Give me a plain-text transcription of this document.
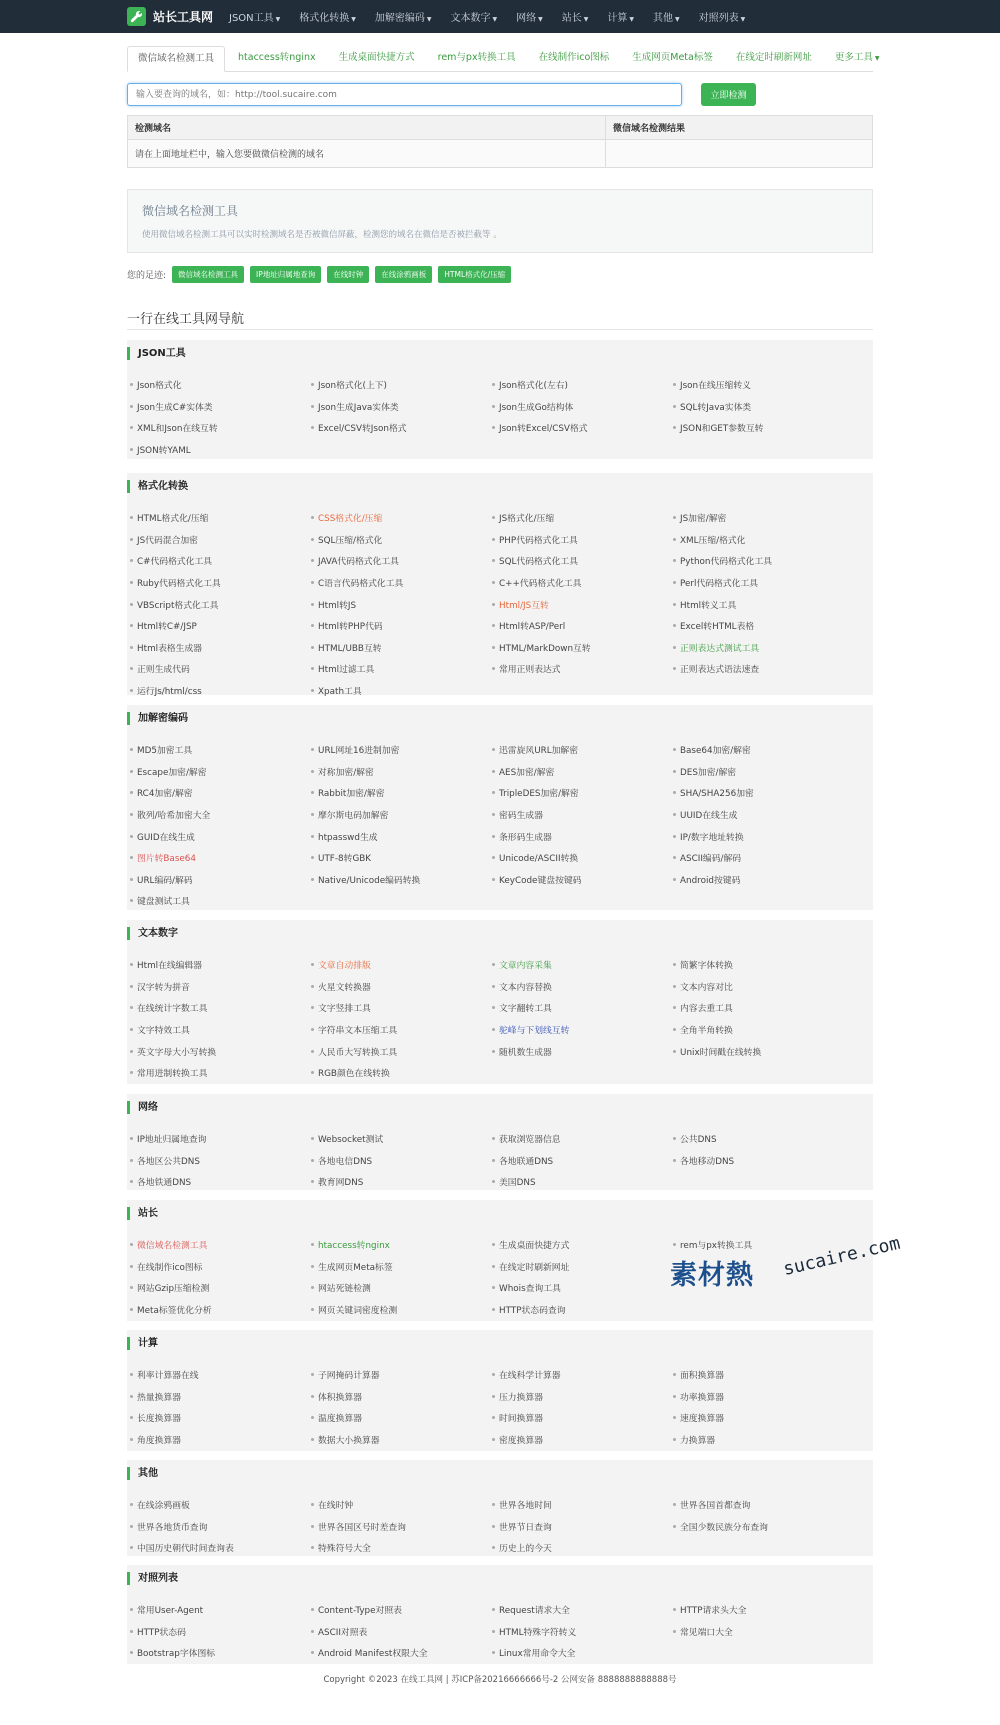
站长工具网 JSON工具 ▼ 格式化转换 ▼ 加解密编码 ▼ 文本数字 ▼ 网络 ▼ 站长 ▼ 计算 ▼ 其他 ▼ 对照列表 ▼
微信域名检测工具	htaccess转nginx	生成桌面快捷方式	rem与px转换工具	在线制作ico图标	生成网页Meta标签	在线定时刷新网址	更多工具 ▼
输入要查询的域名，如：http://tool.sucaire.com
立即检测
检测域名	微信域名检测结果
请在上面地址栏中，输入您要做微信检测的域名	
微信域名检测工具
使用微信域名检测工具可以实时检测域名是否被微信屏蔽，检测您的域名在微信是否被拦截等 。
您的足迹:	微信域名检测工具	IP地址归属地查询	在线时钟	在线涂鸦画板	HTML格式化/压缩
一行在线工具网导航
JSON工具
Json格式化	Json格式化(上下)	Json格式化(左右)	Json在线压缩转义
Json生成C#实体类	Json生成Java实体类	Json生成Go结构体	SQL转Java实体类
XML和Json在线互转	Excel/CSV转Json格式	Json转Excel/CSV格式	JSON和GET参数互转
JSON转YAML
格式化转换
HTML格式化/压缩	CSS格式化/压缩	JS格式化/压缩	JS加密/解密
JS代码混合加密	SQL压缩/格式化	PHP代码格式化工具	XML压缩/格式化
C#代码格式化工具	JAVA代码格式化工具	SQL代码格式化工具	Python代码格式化工具
Ruby代码格式化工具	C语言代码格式化工具	C++代码格式化工具	Perl代码格式化工具
VBScript格式化工具	Html转JS	Html/JS互转	Html转义工具
Html转C#/JSP	Html转PHP代码	Html转ASP/Perl	Excel转HTML表格
Html表格生成器	HTML/UBB互转	HTML/MarkDown互转	正则表达式测试工具
正则生成代码	Html过滤工具	常用正则表达式	正则表达式语法速查
运行Js/html/css	Xpath工具
加解密编码
MD5加密工具	URL网址16进制加密	迅雷旋风URL加解密	Base64加密/解密
Escape加密/解密	对称加密/解密	AES加密/解密	DES加密/解密
RC4加密/解密	Rabbit加密/解密	TripleDES加密/解密	SHA/SHA256加密
散列/哈希加密大全	摩尔斯电码加解密	密码生成器	UUID在线生成
GUID在线生成	htpasswd生成	条形码生成器	IP/数字地址转换
图片转Base64	UTF-8转GBK	Unicode/ASCII转换	ASCII编码/解码
URL编码/解码	Native/Unicode编码转换	KeyCode键盘按键码	Android按键码
键盘测试工具
文本数字
Html在线编辑器	文章自动排版	文章内容采集	简繁字体转换
汉字转为拼音	火星文转换器	文本内容替换	文本内容对比
在线统计字数工具	文字竖排工具	文字翻转工具	内容去重工具
文字特效工具	字符串文本压缩工具	驼峰与下划线互转	全角半角转换
英文字母大小写转换	人民币大写转换工具	随机数生成器	Unix时间戳在线转换
常用进制转换工具	RGB颜色在线转换
网络
IP地址归属地查询	Websocket测试	获取浏览器信息	公共DNS
各地区公共DNS	各地电信DNS	各地联通DNS	各地移动DNS
各地铁通DNS	教育网DNS	美国DNS
站长
微信域名检测工具	htaccess转nginx	生成桌面快捷方式	rem与px转换工具
在线制作ico图标	生成网页Meta标签	在线定时刷新网址
网站Gzip压缩检测	网站死链检测	Whois查询工具
Meta标签优化分析	网页关键词密度检测	HTTP状态码查询
计算
利率计算器在线	子网掩码计算器	在线科学计算器	面积换算器
热量换算器	体积换算器	压力换算器	功率换算器
长度换算器	温度换算器	时间换算器	速度换算器
角度换算器	数据大小换算器	密度换算器	力换算器
其他
在线涂鸦画板	在线时钟	世界各地时间	世界各国首都查询
世界各地货币查询	世界各国区号时差查询	世界节日查询	全国少数民族分布查询
中国历史朝代时间查询表	特殊符号大全	历史上的今天
对照列表
常用User-Agent	Content-Type对照表	Request请求大全	HTTP请求头大全
HTTP状态码	ASCII对照表	HTML特殊字符转义	常见端口大全
Bootstrap字体图标	Android Manifest权限大全	Linux常用命令大全
素材熱 sucaire.com
Copyright ©2023 在线工具网 | 苏ICP备20216666666号-2 公网安备 8888888888888号
